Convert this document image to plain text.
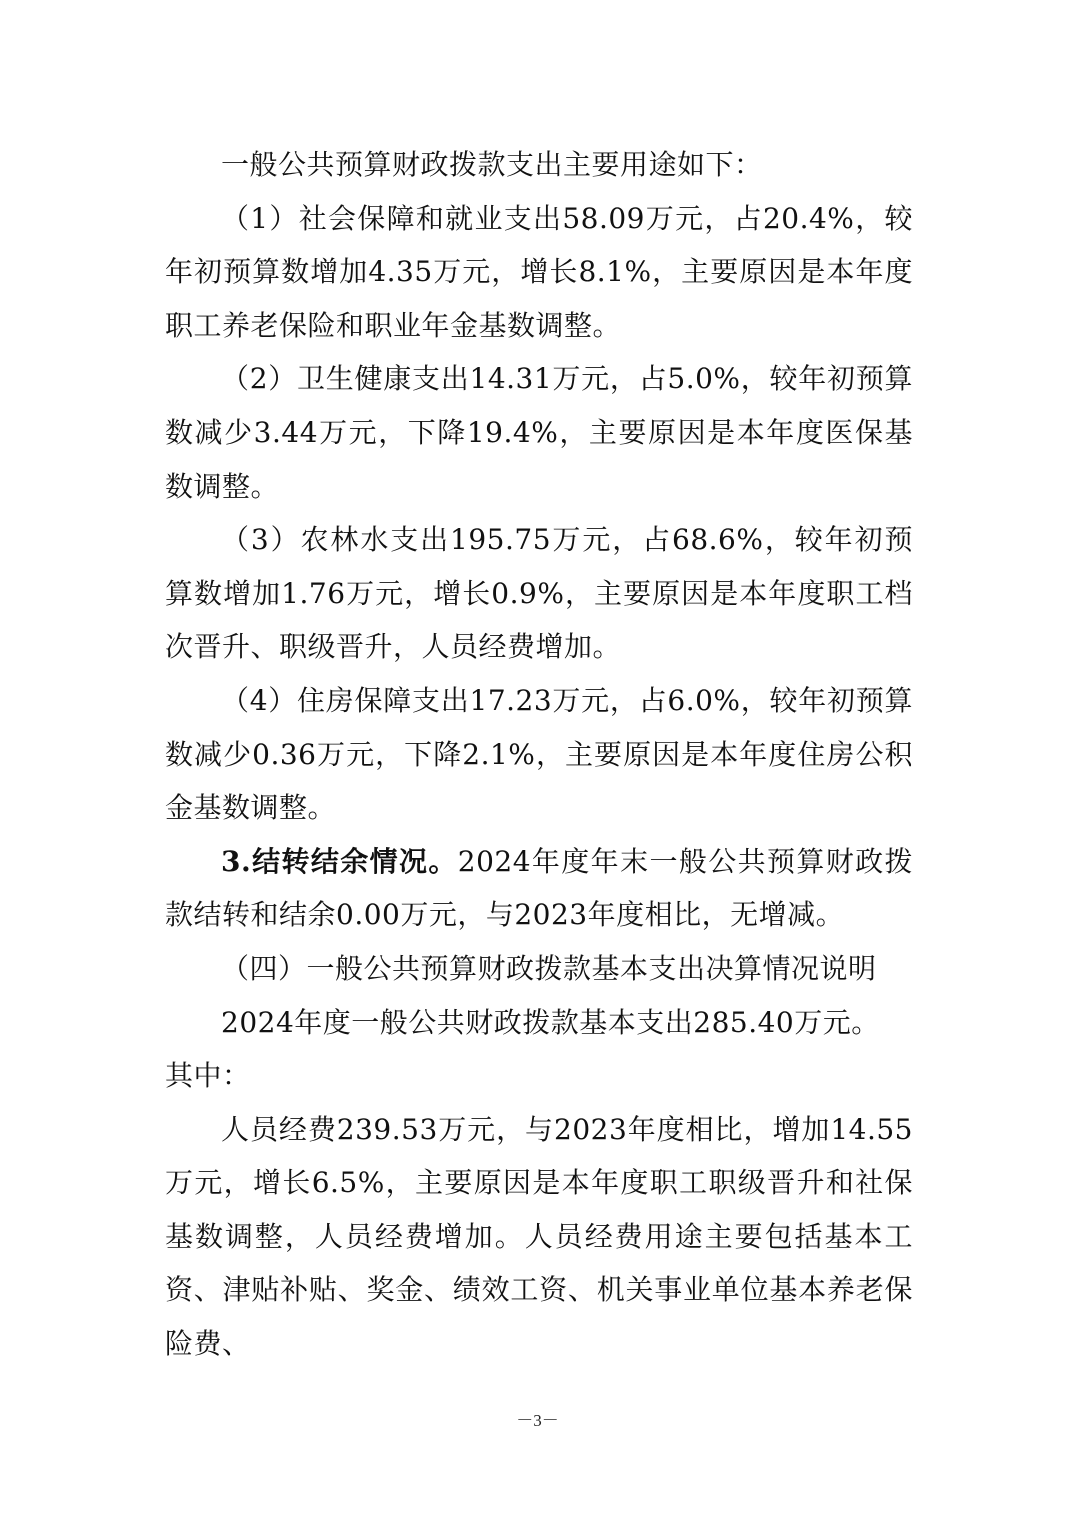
一般公共预算财政拨款支出主要用途如下：

（1）社会保障和就业支出58.09万元，占20.4%，较年初预算数增加4.35万元，增长8.1%，主要原因是本年度职工养老保险和职业年金基数调整。

（2）卫生健康支出14.31万元，占5.0%，较年初预算数减少3.44万元，下降19.4%，主要原因是本年度医保基数调整。

（3）农林水支出195.75万元，占68.6%，较年初预算数增加1.76万元，增长0.9%，主要原因是本年度职工档次晋升、职级晋升，人员经费增加。

（4）住房保障支出17.23万元，占6.0%，较年初预算数减少0.36万元，下降2.1%，主要原因是本年度住房公积金基数调整。

3.结转结余情况。2024年度年末一般公共预算财政拨款结转和结余0.00万元，与2023年度相比，无增减。

（四）一般公共预算财政拨款基本支出决算情况说明

2024年度一般公共财政拨款基本支出285.40万元。

其中：

人员经费239.53万元，与2023年度相比，增加14.55万元，增长6.5%，主要原因是本年度职工职级晋升和社保基数调整，人员经费增加。人员经费用途主要包括基本工资、津贴补贴、奖金、绩效工资、机关事业单位基本养老保险费、

－3－
